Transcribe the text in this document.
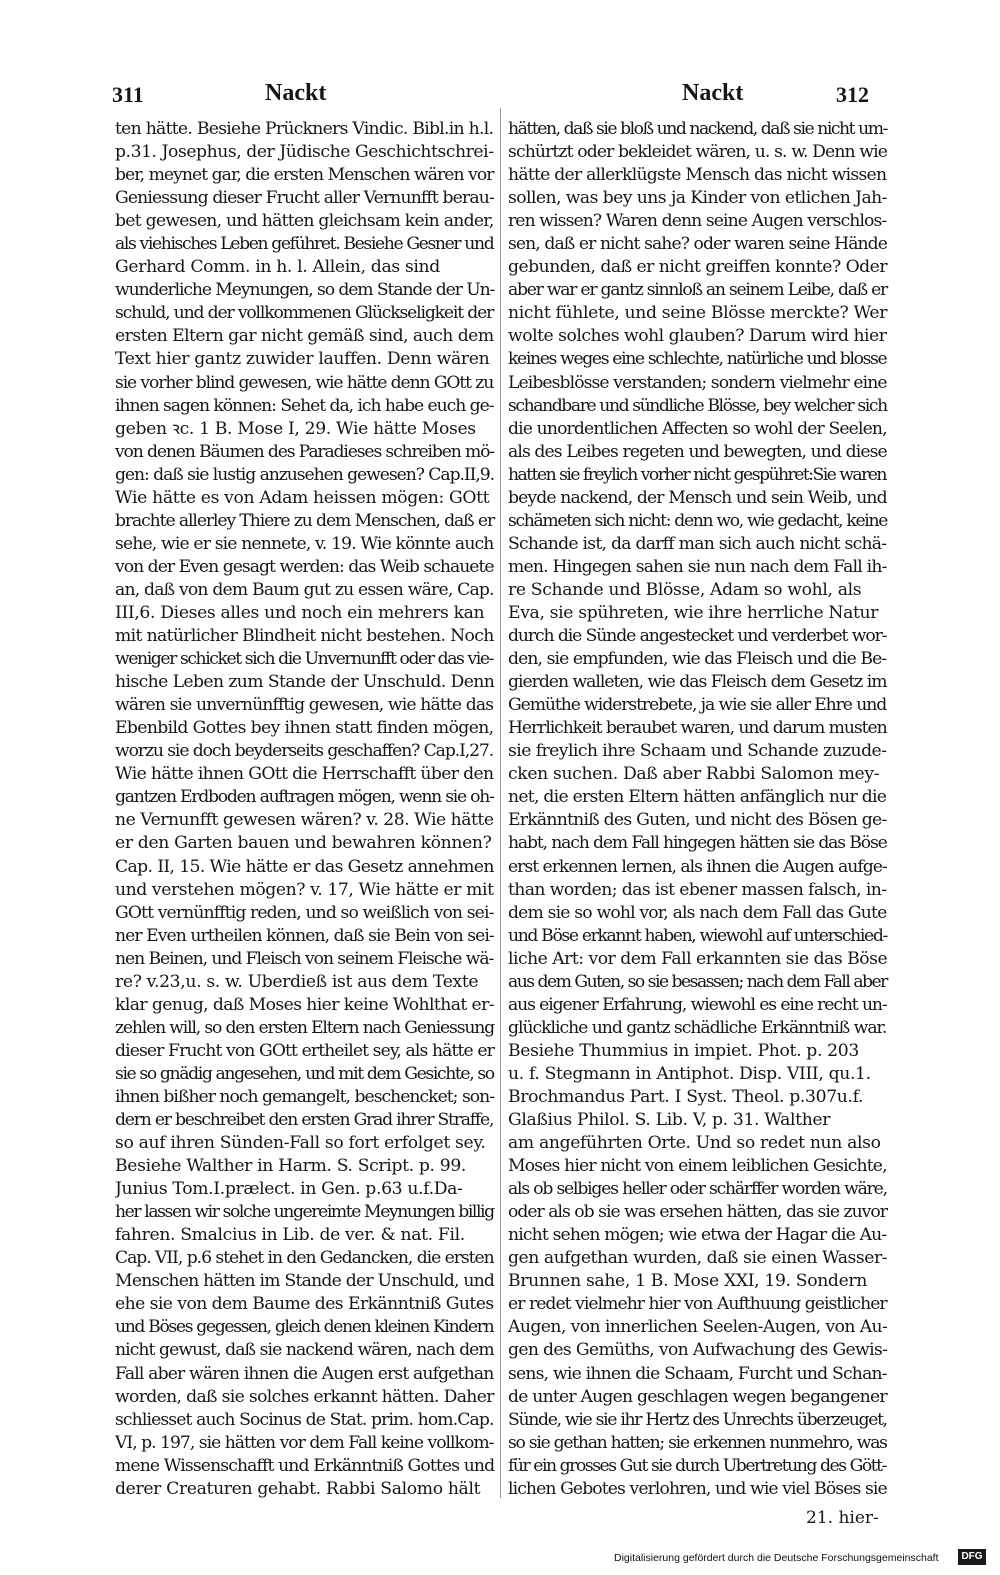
311	Nackt	Nackt	312
ten hätte. Besiehe Prückners Vindic. Bibl.in h.l.
p.31. Josephus, der Jüdische Geschichtschrei-
ber, meynet gar, die ersten Menschen wären vor
Geniessung dieser Frucht aller Vernunfft berau-
bet gewesen, und hätten gleichsam kein ander,
als viehisches Leben geführet. Besiehe Gesner und
Gerhard Comm. in h. l. Allein, das sind
wunderliche Meynungen, so dem Stande der Un-
schuld, und der vollkommenen Glückseligkeit der
ersten Eltern gar nicht gemäß sind, auch dem
Text hier gantz zuwider lauffen. Denn wären
sie vorher blind gewesen, wie hätte denn GOtt zu
ihnen sagen können: Sehet da, ich habe euch ge-
geben ꝛc. 1 B. Mose I, 29. Wie hätte Moses
von denen Bäumen des Paradieses schreiben mö-
gen: daß sie lustig anzusehen gewesen? Cap.II,9.
Wie hätte es von Adam heissen mögen: GOtt
brachte allerley Thiere zu dem Menschen, daß er
sehe, wie er sie nennete, v. 19. Wie könnte auch
von der Even gesagt werden: das Weib schauete
an, daß von dem Baum gut zu essen wäre, Cap.
III,6. Dieses alles und noch ein mehrers kan
mit natürlicher Blindheit nicht bestehen. Noch
weniger schicket sich die Unvernunfft oder das vie-
hische Leben zum Stande der Unschuld. Denn
wären sie unvernünfftig gewesen, wie hätte das
Ebenbild Gottes bey ihnen statt finden mögen,
worzu sie doch beyderseits geschaffen? Cap.I,27.
Wie hätte ihnen GOtt die Herrschafft über den
gantzen Erdboden auftragen mögen, wenn sie oh-
ne Vernunfft gewesen wären? v. 28. Wie hätte
er den Garten bauen und bewahren können?
Cap. II, 15. Wie hätte er das Gesetz annehmen
und verstehen mögen? v. 17, Wie hätte er mit
GOtt vernünfftig reden, und so weißlich von sei-
ner Even urtheilen können, daß sie Bein von sei-
nen Beinen, und Fleisch von seinem Fleische wä-
re? v.23,u. s. w. Uberdieß ist aus dem Texte
klar genug, daß Moses hier keine Wohlthat er-
zehlen will, so den ersten Eltern nach Geniessung
dieser Frucht von GOtt ertheilet sey, als hätte er
sie so gnädig angesehen, und mit dem Gesichte, so
ihnen bißher noch gemangelt, beschencket; son-
dern er beschreibet den ersten Grad ihrer Straffe,
so auf ihren Sünden-Fall so fort erfolget sey.
Besiehe Walther in Harm. S. Script. p. 99.
Junius Tom.I.prælect. in Gen. p.63 u.f.Da-
her lassen wir solche ungereimte Meynungen billig
fahren. Smalcius in Lib. de ver. & nat. Fil.
Cap. VII, p.6 stehet in den Gedancken, die ersten
Menschen hätten im Stande der Unschuld, und
ehe sie von dem Baume des Erkänntniß Gutes
und Böses gegessen, gleich denen kleinen Kindern
nicht gewust, daß sie nackend wären, nach dem
Fall aber wären ihnen die Augen erst aufgethan
worden, daß sie solches erkannt hätten. Daher
schliesset auch Socinus de Stat. prim. hom.Cap.
VI, p. 197, sie hätten vor dem Fall keine vollkom-
mene Wissenschafft und Erkänntniß Gottes und
derer Creaturen gehabt. Rabbi Salomo hält
hätten, daß sie bloß und nackend, daß sie nicht um-
schürtzt oder bekleidet wären, u. s. w. Denn wie
hätte der allerklügste Mensch das nicht wissen
sollen, was bey uns ja Kinder von etlichen Jah-
ren wissen? Waren denn seine Augen verschlos-
sen, daß er nicht sahe? oder waren seine Hände
gebunden, daß er nicht greiffen konnte? Oder
aber war er gantz sinnloß an seinem Leibe, daß er
nicht fühlete, und seine Blösse merckte? Wer
wolte solches wohl glauben? Darum wird hier
keines weges eine schlechte, natürliche und blosse
Leibesblösse verstanden; sondern vielmehr eine
schandbare und sündliche Blösse, bey welcher sich
die unordentlichen Affecten so wohl der Seelen,
als des Leibes regeten und bewegten, und diese
hatten sie freylich vorher nicht gespühret:Sie waren
beyde nackend, der Mensch und sein Weib, und
schämeten sich nicht: denn wo, wie gedacht, keine
Schande ist, da darff man sich auch nicht schä-
men. Hingegen sahen sie nun nach dem Fall ih-
re Schande und Blösse, Adam so wohl, als
Eva, sie spühreten, wie ihre herrliche Natur
durch die Sünde angestecket und verderbet wor-
den, sie empfunden, wie das Fleisch und die Be-
gierden walleten, wie das Fleisch dem Gesetz im
Gemüthe widerstrebete, ja wie sie aller Ehre und
Herrlichkeit beraubet waren, und darum musten
sie freylich ihre Schaam und Schande zuzude-
cken suchen. Daß aber Rabbi Salomon mey-
net, die ersten Eltern hätten anfänglich nur die
Erkänntniß des Guten, und nicht des Bösen ge-
habt, nach dem Fall hingegen hätten sie das Böse
erst erkennen lernen, als ihnen die Augen aufge-
than worden; das ist ebener massen falsch, in-
dem sie so wohl vor, als nach dem Fall das Gute
und Böse erkannt haben, wiewohl auf unterschied-
liche Art: vor dem Fall erkannten sie das Böse
aus dem Guten, so sie besassen; nach dem Fall aber
aus eigener Erfahrung, wiewohl es eine recht un-
glückliche und gantz schädliche Erkänntniß war.
Besiehe Thummius in impiet. Phot. p. 203
u. f. Stegmann in Antiphot. Disp. VIII, qu.1.
Brochmandus Part. I Syst. Theol. p.307u.f.
Glaßius Philol. S. Lib. V, p. 31. Walther
am angeführten Orte. Und so redet nun also
Moses hier nicht von einem leiblichen Gesichte,
als ob selbiges heller oder schärffer worden wäre,
oder als ob sie was ersehen hätten, das sie zuvor
nicht sehen mögen; wie etwa der Hagar die Au-
gen aufgethan wurden, daß sie einen Wasser-
Brunnen sahe, 1 B. Mose XXI, 19. Sondern
er redet vielmehr hier von Aufthuung geistlicher
Augen, von innerlichen Seelen-Augen, von Au-
gen des Gemüths, von Aufwachung des Gewis-
sens, wie ihnen die Schaam, Furcht und Schan-
de unter Augen geschlagen wegen begangener
Sünde, wie sie ihr Hertz des Unrechts überzeuget,
so sie gethan hatten; sie erkennen nunmehro, was
für ein grosses Gut sie durch Ubertretung des Gött-
lichen Gebotes verlohren, und wie viel Böses sie
21. hier-
Digitalisierung gefördert durch die Deutsche Forschungsgemeinschaft	DFG
